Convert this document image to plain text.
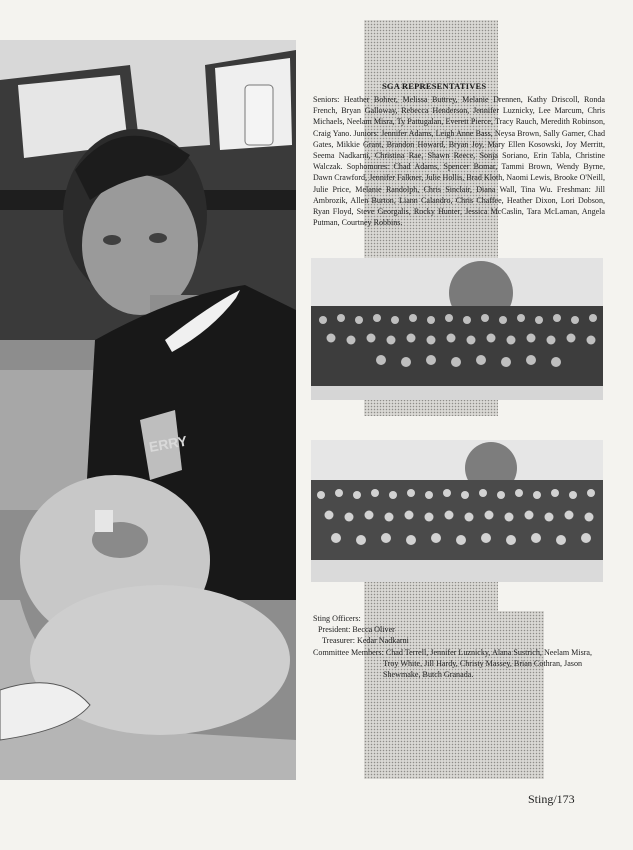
ERRY
SGA REPRESENTATIVES
Seniors: Heather Bohrer, Melissa Buttrey, Melanie Drennen, Kathy Driscoll, Ronda French, Bryan Galloway, Rebecca Henderson, Jennifer Luznicky, Lee Marcum, Chris Michaels, Neelam Misra, Ty Pattugalan, Everett Pierce, Tracy Rauch, Meredith Robinson, Craig Yano. Juniors: Jennifer Adams, Leigh Anne Bass, Neysa Brown, Sally Garner, Chad Gates, Mikkie Grant, Brandon Howard, Bryan Joy, Mary Ellen Kosowski, Joy Merritt, Seema Nadkarni, Christina Rae, Shawn Reece, Sonja Soriano, Erin Tabla, Christine Walczak. Sophomores: Chad Adams, Spencer Bomar, Tammi Brown, Wendy Byrne, Dawn Crawford, Jennifer Falkner, Julie Hollis, Brad Kloth, Naomi Lewis, Brooke O'Neill, Julie Price, Melanie Randolph, Chris Sinclair, Diana Wall, Tina Wu. Freshman: Jill Ambrozik, Allen Burton, Liann Calandro, Chris Chaffee, Heather Dixon, Lori Dobson, Ryan Floyd, Steve Georgalis, Rocky Hunter, Jessica McCaslin, Tara McLaman, Angela Putman, Courtney Robbins.
Sting Officers:
President: Becca Oliver
Treasurer: Kedar Nadkarni
Committee Members: Chad Terrell, Jennifer Luznicky, Alana Sustrich, Neelam Misra, Troy White, Jill Hardy, Christy Massey, Brian Cothran, Jason Shewmake, Butch Granada.
Sting/173
